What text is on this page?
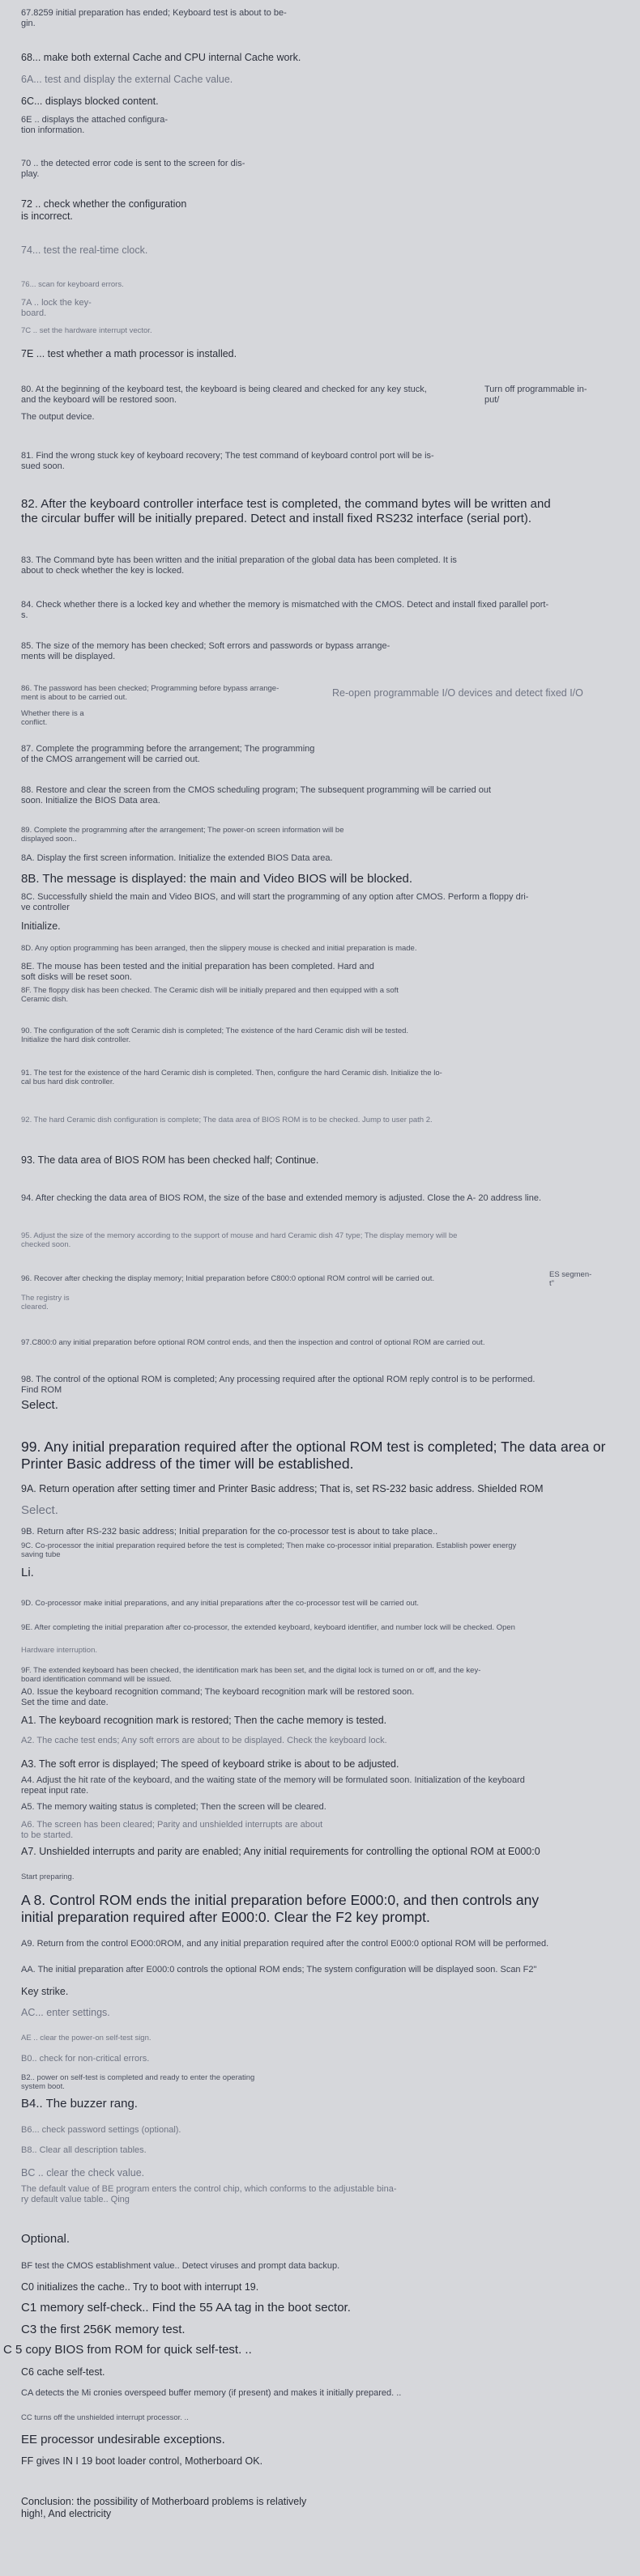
67.8259 initial preparation has ended; Keyboard test is about to be-
gin.

68... make both external Cache and CPU internal Cache work.

6A... test and display the external Cache value.

6C... displays blocked content.

6E .. displays the attached configura-
tion information.

70 .. the detected error code is sent to the screen for dis-
play.

72 .. check whether the configuration
is incorrect.

74... test the real-time clock.

76... scan for keyboard errors.

7A .. lock the key-
board.

7C .. set the hardware interrupt vector.

7E ... test whether a math processor is installed.

80. At the beginning of the keyboard test, the keyboard is being cleared and checked for any key stuck,
and the keyboard will be restored soon.

Turn off programmable in-
put/

The output device.

81. Find the wrong stuck key of keyboard recovery; The test command of keyboard control port will be is-
sued soon.

82. After the keyboard controller interface test is completed, the command bytes will be written and
the circular buffer will be initially prepared. Detect and install fixed RS232 interface (serial port).

83. The Command byte has been written and the initial preparation of the global data has been completed. It is
about to check whether the key is locked.

84. Check whether there is a locked key and whether the memory is mismatched with the CMOS. Detect and install fixed parallel port-
s.

85. The size of the memory has been checked; Soft errors and passwords or bypass arrange-
ments will be displayed.

86. The password has been checked; Programming before bypass arrange-
ment is about to be carried out.	Re-open programmable I/O devices and detect fixed I/O

Whether there is a
conflict.

87. Complete the programming before the arrangement; The programming
of the CMOS arrangement will be carried out.

88. Restore and clear the screen from the CMOS scheduling program; The subsequent programming will be carried out
soon. Initialize the BIOS Data area.

89. Complete the programming after the arrangement; The power-on screen information will be
displayed soon..

8A. Display the first screen information. Initialize the extended BIOS Data area.

8B. The message is displayed: the main and Video BIOS will be blocked.

8C. Successfully shield the main and Video BIOS, and will start the programming of any option after CMOS. Perform a floppy dri-
ve controller

Initialize.

8D. Any option programming has been arranged, then the slippery mouse is checked and initial preparation is made.

8E. The mouse has been tested and the initial preparation has been completed. Hard and
soft disks will be reset soon.

8F. The floppy disk has been checked. The Ceramic dish will be initially prepared and then equipped with a soft
Ceramic dish.

90. The configuration of the soft Ceramic dish is completed; The existence of the hard Ceramic dish will be tested.
Initialize the hard disk controller.

91. The test for the existence of the hard Ceramic dish is completed. Then, configure the hard Ceramic dish. Initialize the lo-
cal bus hard disk controller.

92. The hard Ceramic dish configuration is complete; The data area of BIOS ROM is to be checked. Jump to user path 2.

93. The data area of BIOS ROM has been checked half; Continue.

94. After checking the data area of BIOS ROM, the size of the base and extended memory is adjusted. Close the A- 20 address line.

95. Adjust the size of the memory according to the support of mouse and hard Ceramic dish 47 type; The display memory will be
checked soon.

96. Recover after checking the display memory; Initial preparation before C800:0 optional ROM control will be carried out.	ES segmen-
t"

The registry is
cleared.

97.C800:0 any initial preparation before optional ROM control ends, and then the inspection and control of optional ROM are carried out.

98. The control of the optional ROM is completed; Any processing required after the optional ROM reply control is to be performed.
Find ROM

Select.

99. Any initial preparation required after the optional ROM test is completed; The data area or
Printer Basic address of the timer will be established.

9A. Return operation after setting timer and Printer Basic address; That is, set RS-232 basic address. Shielded ROM

Select.

9B. Return after RS-232 basic address; Initial preparation for the co-processor test is about to take place..

9C. Co-processor the initial preparation required before the test is completed; Then make co-processor initial preparation. Establish power energy
saving tube

Li.

9D. Co-processor make initial preparations, and any initial preparations after the co-processor test will be carried out.

9E. After completing the initial preparation after co-processor, the extended keyboard, keyboard identifier, and number lock will be checked. Open

Hardware interruption.

9F. The extended keyboard has been checked, the identification mark has been set, and the digital lock is turned on or off, and the key-
board identification command will be issued.

A0. Issue the keyboard recognition command; The keyboard recognition mark will be restored soon.
Set the time and date.

A1. The keyboard recognition mark is restored; Then the cache memory is tested.

A2. The cache test ends; Any soft errors are about to be displayed. Check the keyboard lock.

A3. The soft error is displayed; The speed of keyboard strike is about to be adjusted.

A4. Adjust the hit rate of the keyboard, and the waiting state of the memory will be formulated soon. Initialization of the keyboard
repeat input rate.

A5. The memory waiting status is completed; Then the screen will be cleared.

A6. The screen has been cleared; Parity and unshielded interrupts are about
to be started.

A7. Unshielded interrupts and parity are enabled; Any initial requirements for controlling the optional ROM at E000:0

Start preparing.

A 8. Control ROM ends the initial preparation before E000:0, and then controls any
initial preparation required after E000:0. Clear the F2 key prompt.

A9. Return from the control EO00:0ROM, and any initial preparation required after the control E000:0 optional ROM will be performed.

AA. The initial preparation after E000:0 controls the optional ROM ends; The system configuration will be displayed soon. Scan F2"

Key strike.

AC... enter settings.

AE .. clear the power-on self-test sign.

B0.. check for non-critical errors.

B2.. power on self-test is completed and ready to enter the operating
system boot.

B4.. The buzzer rang.

B6... check password settings (optional).

B8.. Clear all description tables.

BC .. clear the check value.

The default value of BE program enters the control chip, which conforms to the adjustable bina-
ry default value table.. Qing

Optional.

BF test the CMOS establishment value.. Detect viruses and prompt data backup.

C0 initializes the cache.. Try to boot with interrupt 19.

C1 memory self-check.. Find the 55 AA tag in the boot sector.

C3 the first 256K memory test.

C 5 copy BIOS from ROM for quick self-test. ..

C6 cache self-test.

CA detects the Mi cronies overspeed buffer memory (if present) and makes it initially prepared. ..

CC turns off the unshielded interrupt processor. ..

EE processor undesirable exceptions.

FF gives IN I 19 boot loader control, Motherboard OK.

Conclusion: the possibility of Motherboard problems is relatively
high!, And electricity
